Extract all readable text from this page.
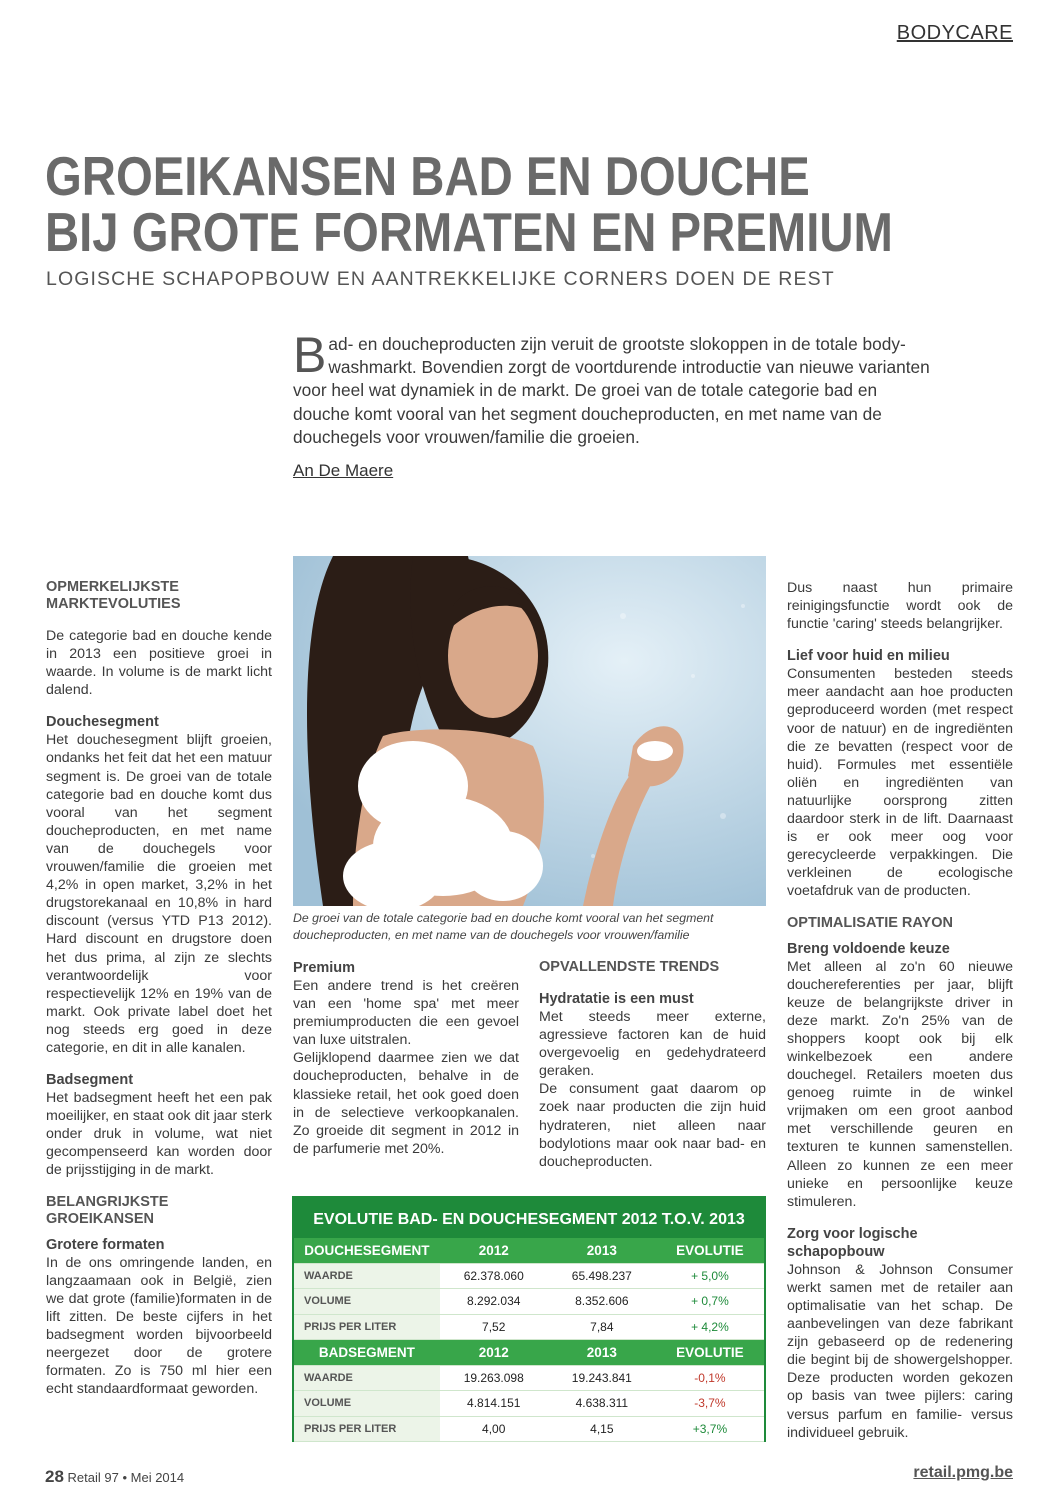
BODYCARE
GROEIKANSEN BAD EN DOUCHE
BIJ GROTE FORMATEN EN PREMIUM
LOGISCHE SCHAPOPBOUW EN AANTREKKELIJKE CORNERS DOEN DE REST
Bad- en doucheproducten zijn veruit de grootste slokoppen in de totale body-washmarkt. Bovendien zorgt de voortdurende introductie van nieuwe varianten voor heel wat dynamiek in de markt. De groei van de totale categorie bad en douche komt vooral van het segment doucheproducten, en met name van de douchegels voor vrouwen/familie die groeien.
An De Maere
OPMERKELIJKSTE MARKTEVOLUTIES

De categorie bad en douche kende in 2013 een positieve groei in waarde. In volume is de markt licht dalend.

Douchesegment

Het douchesegment blijft groeien, ondanks het feit dat het een matuur segment is. De groei van de totale categorie bad en douche komt dus vooral van het segment doucheproducten, en met name van de douchegels voor vrouwen/familie die groeien met 4,2% in open market, 3,2% in het drugstorekanaal en 10,8% in hard discount (versus YTD P13 2012). Hard discount en drugstore doen het dus prima, al zijn ze slechts verantwoordelijk voor respectievelijk 12% en 19% van de markt. Ook private label doet het nog steeds erg goed in deze categorie, en dit in alle kanalen.

Badsegment

Het badsegment heeft het een pak moeilijker, en staat ook dit jaar sterk onder druk in volume, wat niet gecompenseerd kan worden door de prijsstijging in de markt.

BELANGRIJKSTE GROEIKANSEN
Grotere formaten

In de ons omringende landen, en langzaamaan ook in België, zien we dat grote (familie)formaten in de lift zitten. De beste cijfers in het badsegment worden bijvoorbeeld neergezet door de grotere formaten. Zo is 750 ml hier een echt standaardformaat geworden.

De groei van de totale categorie bad en douche komt vooral van het segment doucheproducten, en met name van de douchegels voor vrouwen/familie
Premium

Een andere trend is het creëren van een 'home spa' met meer premiumproducten die een gevoel van luxe uitstralen.

Gelijklopend daarmee zien we dat doucheproducten, behalve in de klassieke retail, het ook goed doen in de selectieve verkoopkanalen. Zo groeide dit segment in 2012 in de parfumerie met 20%.

OPVALLENDSTE TRENDS
Hydratatie is een must

Met steeds meer externe, agressieve factoren kan de huid overgevoelig en gedehydrateerd geraken.

De consument gaat daarom op zoek naar producten die zijn huid hydrateren, niet alleen naar bodylotions maar ook naar bad- en doucheproducten.

Dus naast hun primaire reinigingsfunctie wordt ook de functie 'caring' steeds belangrijker.

Lief voor huid en milieu

Consumenten besteden steeds meer aandacht aan hoe producten geproduceerd worden (met respect voor de natuur) en de ingrediënten die ze bevatten (respect voor de huid). Formules met essentiële oliën en ingrediënten van natuurlijke oorsprong zitten daardoor sterk in de lift. Daarnaast is er ook meer oog voor gerecycleerde verpakkingen. Die verkleinen de ecologische voetafdruk van de producten.

OPTIMALISATIE RAYON
Breng voldoende keuze

Met alleen al zo'n 60 nieuwe douchereferenties per jaar, blijft keuze de belangrijkste driver in deze markt. Zo'n 25% van de shoppers koopt ook bij elk winkelbezoek een andere douchegel. Retailers moeten dus genoeg ruimte in de winkel vrijmaken om een groot aanbod met verschillende geuren en texturen te kunnen samenstellen. Alleen zo kunnen ze een meer unieke en persoonlijke keuze stimuleren.

Zorg voor logische schapopbouw

Johnson & Johnson Consumer werkt samen met de retailer aan optimalisatie van het schap. De aanbevelingen van deze fabrikant zijn gebaseerd op de redenering die begint bij de showergelshopper. Deze producten worden gekozen op basis van twee pijlers: caring versus parfum en familie- versus individueel gebruik.

EVOLUTIE BAD- EN DOUCHESEGMENT 2012 T.O.V. 2013
DOUCHESEGMENT	2012	2013	EVOLUTIE
WAARDE	62.378.060	65.498.237	+ 5,0%
VOLUME	8.292.034	8.352.606	+ 0,7%
PRIJS PER LITER	7,52	7,84	+ 4,2%
BADSEGMENT	2012	2013	EVOLUTIE
WAARDE	19.263.098	19.243.841	-0,1%
VOLUME	4.814.151	4.638.311	-3,7%
PRIJS PER LITER	4,00	4,15	+3,7%
28 Retail 97 • Mei 2014	retail.pmg.be
